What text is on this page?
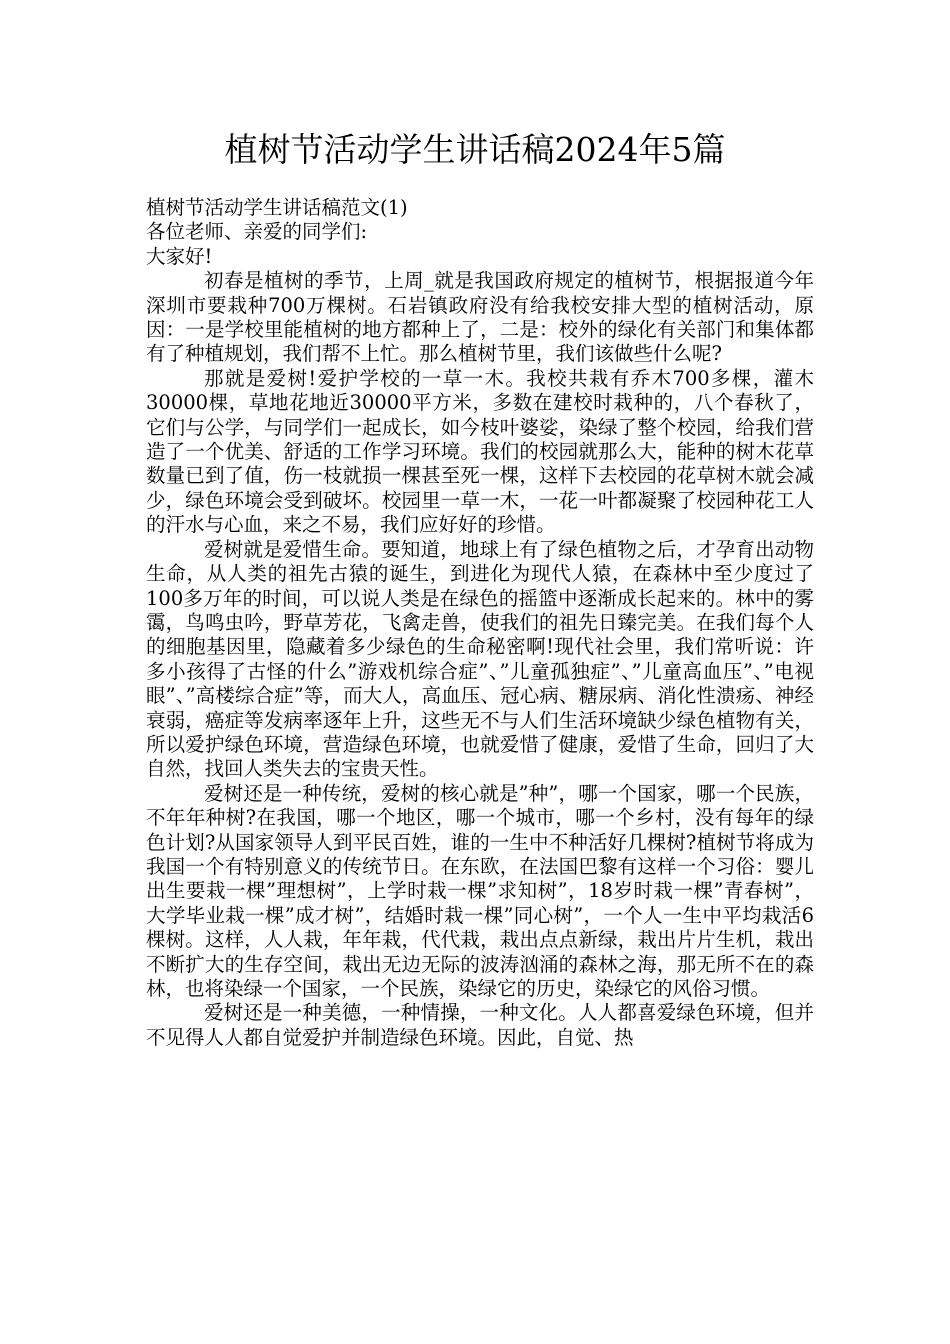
植树节活动学生讲话稿2024年5篇

植树节活动学生讲话稿范文(1)

各位老师、亲爱的同学们:

大家好!

初春是植树的季节，上周_就是我国政府规定的植树节，根据报道今年深圳市要栽种700万棵树。石岩镇政府没有给我校安排大型的植树活动，原因：一是学校里能植树的地方都种上了，二是：校外的绿化有关部门和集体都有了种植规划，我们帮不上忙。那么植树节里，我们该做些什么呢?

那就是爱树!爱护学校的一草一木。我校共栽有乔木700多棵，灌木30000棵，草地花地近30000平方米，多数在建校时栽种的，八个春秋了，它们与公学，与同学们一起成长，如今枝叶婆娑，染绿了整个校园，给我们营造了一个优美、舒适的工作学习环境。我们的校园就那么大，能种的树木花草数量已到了值，伤一枝就损一棵甚至死一棵，这样下去校园的花草树木就会减少，绿色环境会受到破坏。校园里一草一木，一花一叶都凝聚了校园种花工人的汗水与心血，来之不易，我们应好好的珍惜。

爱树就是爱惜生命。要知道，地球上有了绿色植物之后，才孕育出动物生命，从人类的祖先古猿的诞生，到进化为现代人猿，在森林中至少度过了100多万年的时间，可以说人类是在绿色的摇篮中逐渐成长起来的。林中的雾霭，鸟鸣虫吟，野草芳花，飞禽走兽，使我们的祖先日臻完美。在我们每个人的细胞基因里，隐藏着多少绿色的生命秘密啊!现代社会里，我们常听说：许多小孩得了古怪的什么”游戏机综合症”、”儿童孤独症”、”儿童高血压”、”电视眼”、”高楼综合症”等，而大人，高血压、冠心病、糖尿病、消化性溃疡、神经衰弱，癌症等发病率逐年上升，这些无不与人们生活环境缺少绿色植物有关，所以爱护绿色环境，营造绿色环境，也就爱惜了健康，爱惜了生命，回归了大自然，找回人类失去的宝贵天性。

爱树还是一种传统，爱树的核心就是”种”，哪一个国家，哪一个民族，不年年种树?在我国，哪一个地区，哪一个城市，哪一个乡村，没有每年的绿色计划?从国家领导人到平民百姓，谁的一生中不种活好几棵树?植树节将成为我国一个有特别意义的传统节日。在东欧，在法国巴黎有这样一个习俗：婴儿出生要栽一棵”理想树”，上学时栽一棵”求知树”，18岁时栽一棵”青春树”，大学毕业栽一棵”成才树”，结婚时栽一棵”同心树”，一个人一生中平均栽活6棵树。这样，人人栽，年年栽，代代栽，栽出点点新绿，栽出片片生机，栽出不断扩大的生存空间，栽出无边无际的波涛汹涌的森林之海，那无所不在的森林，也将染绿一个国家，一个民族，染绿它的历史，染绿它的风俗习惯。

爱树还是一种美德，一种情操，一种文化。人人都喜爱绿色环境，但并不见得人人都自觉爱护并制造绿色环境。因此，自觉、热
